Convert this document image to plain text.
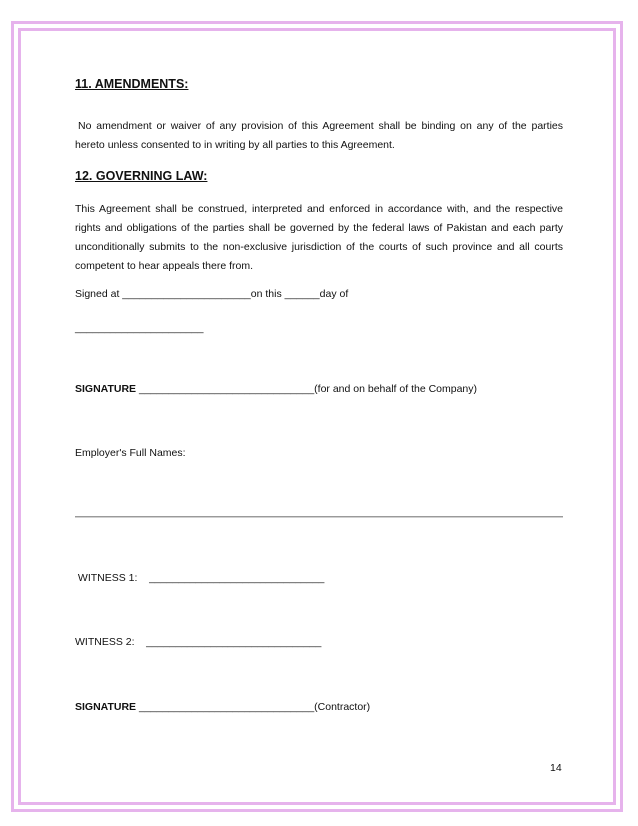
11. AMENDMENTS:

No amendment or waiver of any provision of this Agreement shall be binding on any of the parties hereto unless consented to in writing by all parties to this Agreement.

12. GOVERNING LAW:

This Agreement shall be construed, interpreted and enforced in accordance with, and the respective rights and obligations of the parties shall be governed by the federal laws of Pakistan and each party unconditionally submits to the non-exclusive jurisdiction of the courts of such province and all courts competent to hear appeals there from.

Signed at ______________________on this ______day of

______________________

SIGNATURE ______________________________(for and on behalf of the Company)

Employer's Full Names:

WITNESS 1:    ______________________________

WITNESS 2:    ______________________________

SIGNATURE ______________________________(Contractor)

14
